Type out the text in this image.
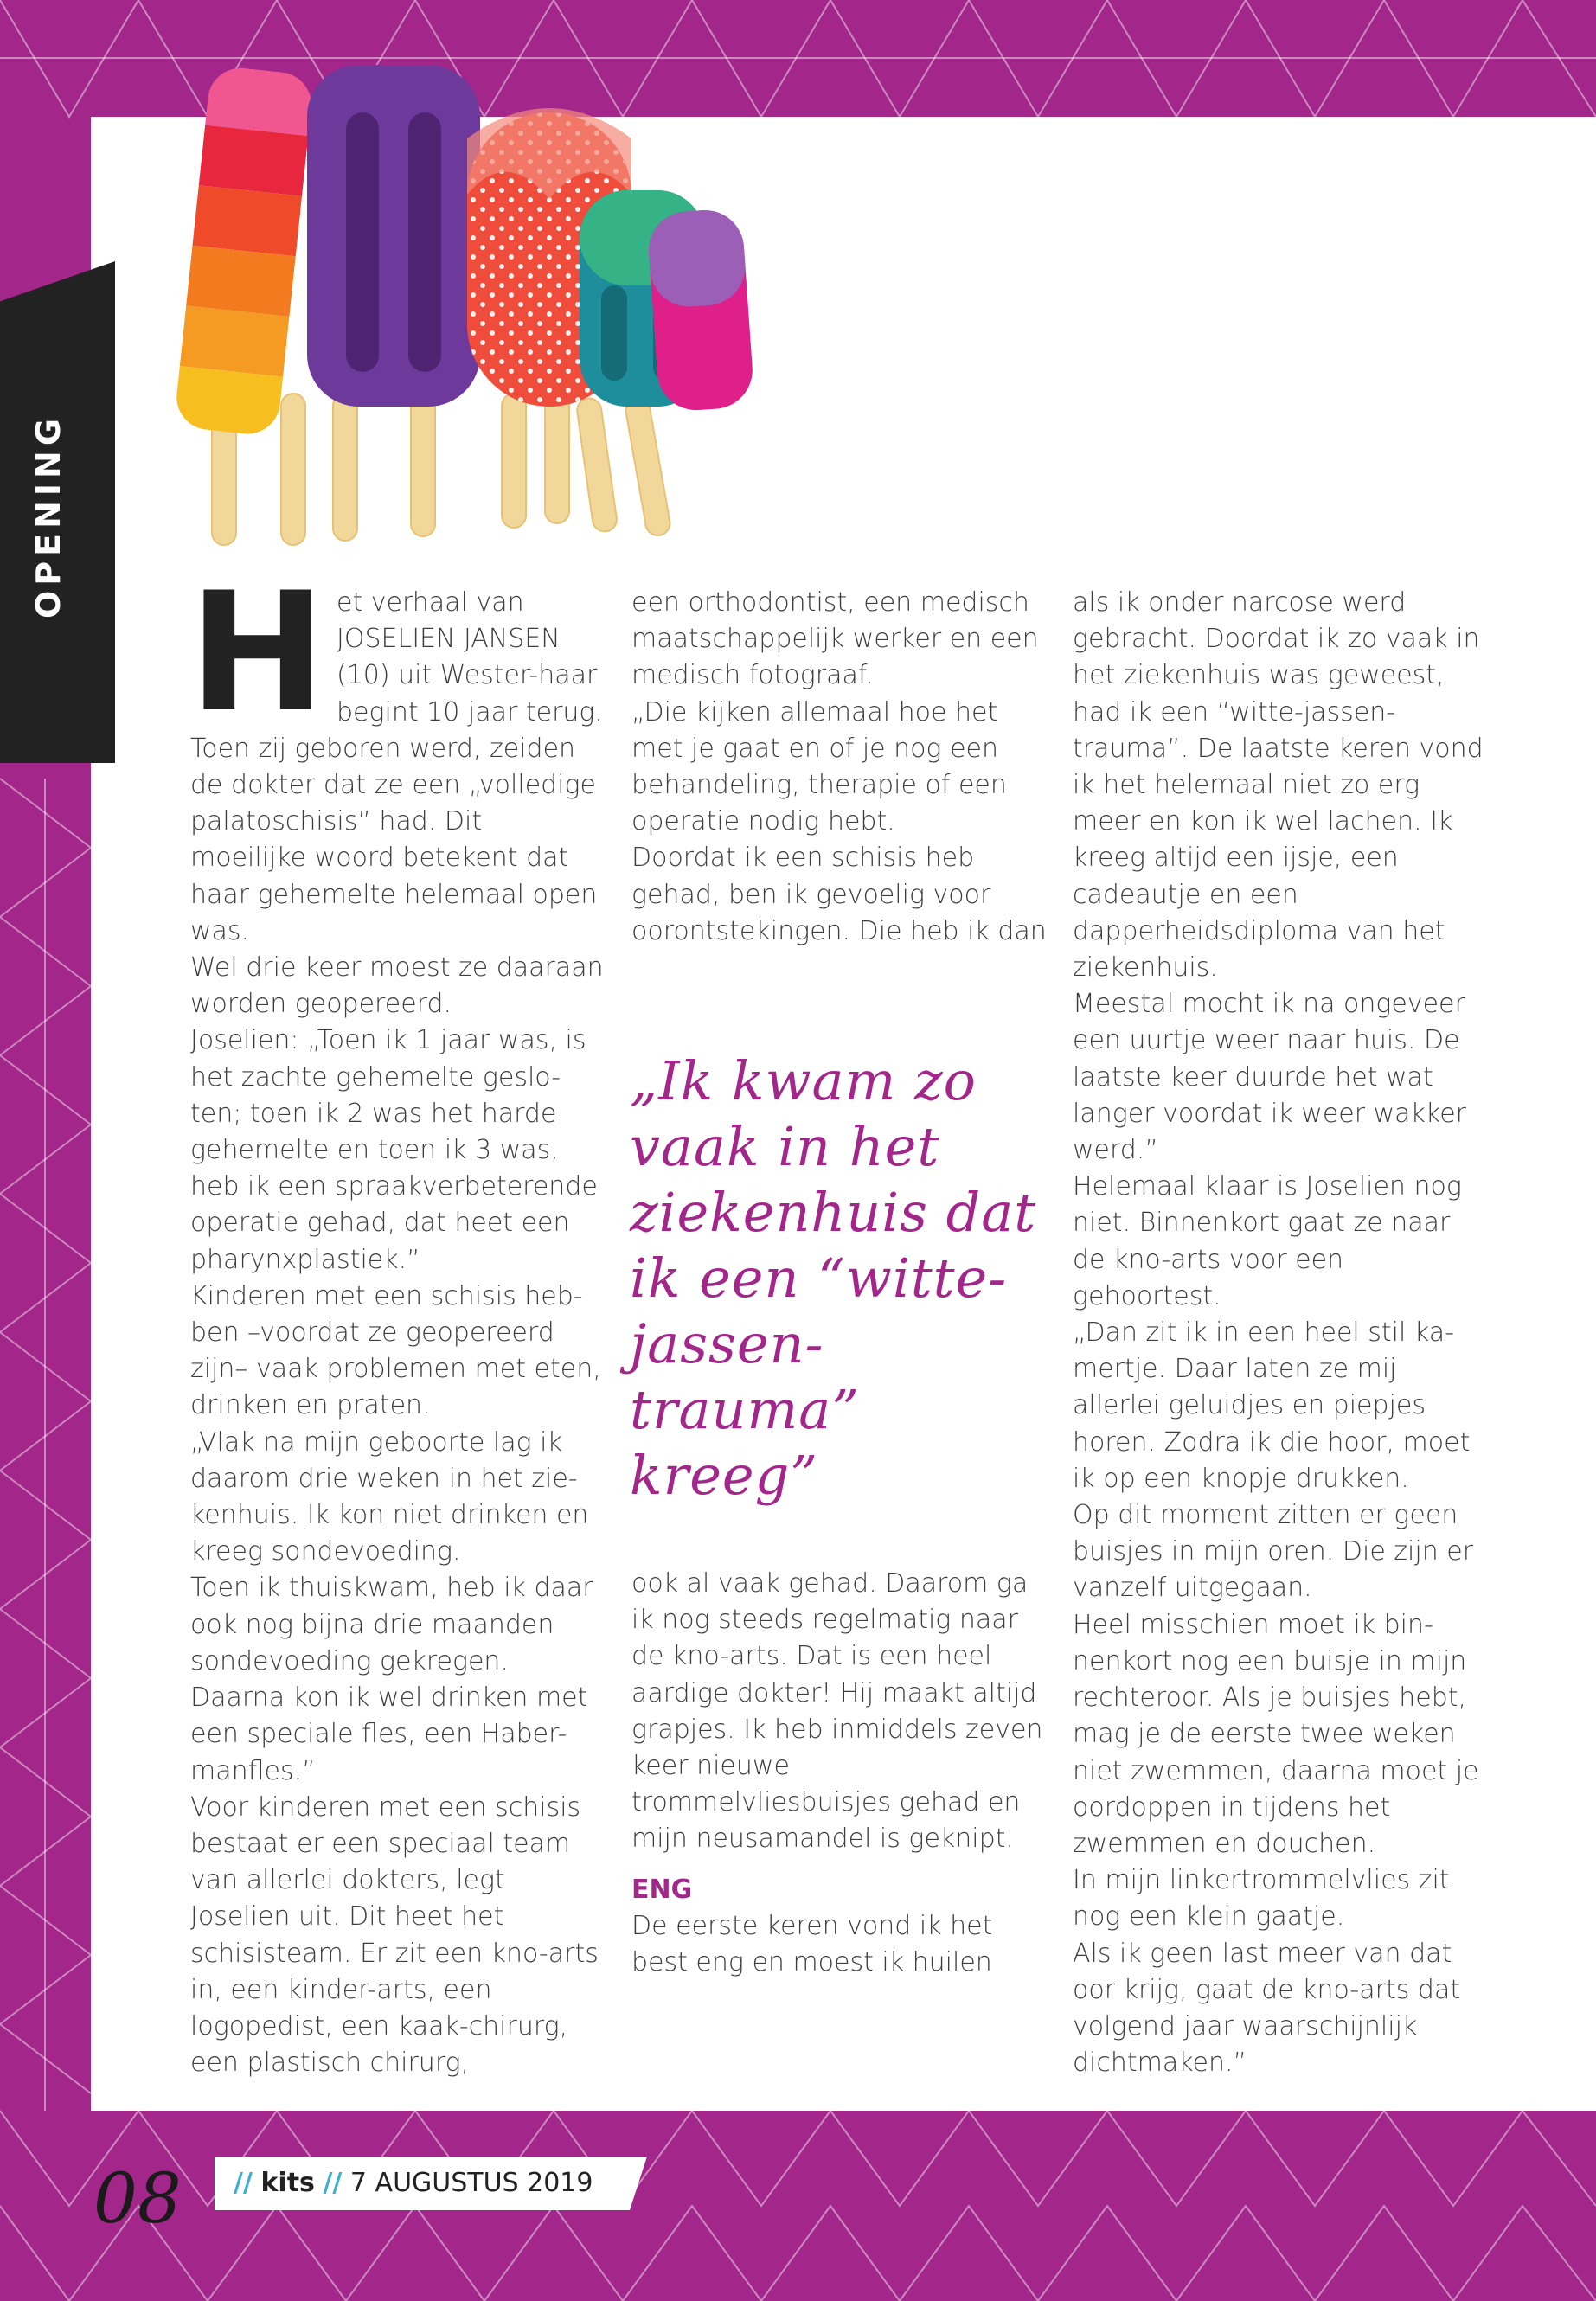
OPENING
H et verhaal van JOSELIEN JANSEN (10) uit Wester-haar begint 10 jaar terug. Toen zij geboren werd, zeiden de dokter dat ze een „volledige palatoschisis” had. Dit moeilijke woord betekent dat haar gehemelte helemaal open was.

Wel drie keer moest ze daaraan worden geopereerd.

Joselien: „Toen ik 1 jaar was, is het zachte gehemelte geslo-ten; toen ik 2 was het harde gehemelte en toen ik 3 was, heb ik een spraakverbeterende operatie gehad, dat heet een pharynxplastiek.”

Kinderen met een schisis heb-ben –voordat ze geopereerd zijn– vaak problemen met eten, drinken en praten.

„Vlak na mijn geboorte lag ik daarom drie weken in het zie-kenhuis. Ik kon niet drinken en kreeg sondevoeding.

Toen ik thuiskwam, heb ik daar ook nog bijna drie maanden sondevoeding gekregen.

Daarna kon ik wel drinken met een speciale fles, een Haber-manfles.”

Voor kinderen met een schisis bestaat er een speciaal team van allerlei dokters, legt Joselien uit. Dit heet het schisisteam. Er zit een kno-arts in, een kinder-arts, een logopedist, een kaak-chirurg, een plastisch chirurg,

een orthodontist, een medisch maatschappelijk werker en een medisch fotograaf.

„Die kijken allemaal hoe het met je gaat en of je nog een behandeling, therapie of een operatie nodig hebt.

Doordat ik een schisis heb gehad, ben ik gevoelig voor oorontstekingen. Die heb ik dan

„Ik kwam zo vaak in het ziekenhuis dat ik een “witte-jassen-trauma” kreeg”

ook al vaak gehad. Daarom ga ik nog steeds regelmatig naar de kno-arts. Dat is een heel aardige dokter! Hij maakt altijd grapjes. Ik heb inmiddels zeven keer nieuwe trommelvliesbuisjes gehad en mijn neusamandel is geknipt.

ENG

De eerste keren vond ik het best eng en moest ik huilen

als ik onder narcose werd gebracht. Doordat ik zo vaak in het ziekenhuis was geweest, had ik een “witte-jassen-trauma”. De laatste keren vond ik het helemaal niet zo erg meer en kon ik wel lachen. Ik kreeg altijd een ijsje, een cadeautje en een dapperheidsdiploma van het ziekenhuis.

Meestal mocht ik na ongeveer een uurtje weer naar huis. De laatste keer duurde het wat langer voordat ik weer wakker werd.”

Helemaal klaar is Joselien nog niet. Binnenkort gaat ze naar de kno-arts voor een gehoortest.

„Dan zit ik in een heel stil ka-mertje. Daar laten ze mij allerlei geluidjes en piepjes horen. Zodra ik die hoor, moet ik op een knopje drukken.

Op dit moment zitten er geen buisjes in mijn oren. Die zijn er vanzelf uitgegaan.

Heel misschien moet ik bin-nenkort nog een buisje in mijn rechteroor. Als je buisjes hebt, mag je de eerste twee weken niet zwemmen, daarna moet je oordoppen in tijdens het zwemmen en douchen.

In mijn linkertrommelvlies zit nog een klein gaatje.

Als ik geen last meer van dat oor krijg, gaat de kno-arts dat volgend jaar waarschijnlijk dichtmaken.”

08 // kits // 7 AUGUSTUS 2019
